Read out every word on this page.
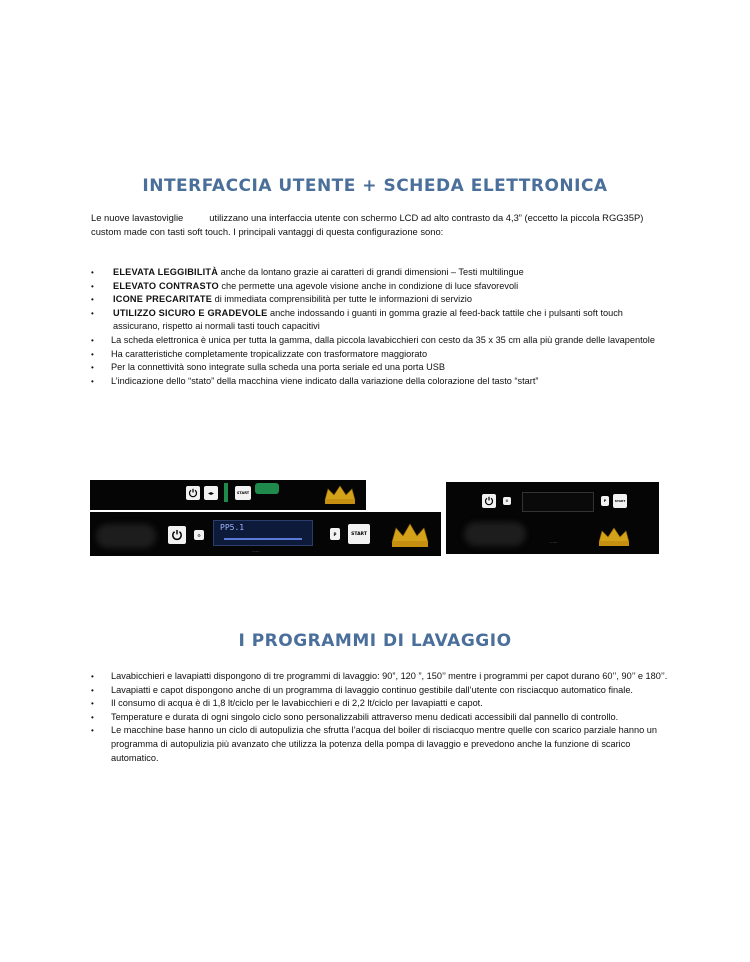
INTERFACCIA UTENTE + SCHEDA ELETTRONICA
Le nuove lavastoviglie	utilizzano una interfaccia utente con schermo LCD ad alto contrasto da 4,3” (eccetto la piccola RGG35P) custom made con tasti soft touch. I principali vantaggi di questa configurazione sono:
• ELEVATA LEGGIBILITÀ anche da lontano grazie ai caratteri di grandi dimensioni – Testi multilingue
• ELEVATO CONTRASTO che permette una agevole visione anche in condizione di luce sfavorevoli
• ICONE PRECARITATE di immediata comprensibilità per tutte le informazioni di servizio
• UTILIZZO SICURO E GRADEVOLE anche indossando i guanti in gomma grazie al feed-back tattile che i pulsanti soft touch assicurano, rispetto ai normali tasti touch capacitivi
• La scheda elettronica è unica per tutta la gamma, dalla piccola lavabicchieri con cesto da 35 x 35 cm alla più grande delle lavapentole
• Ha caratteristiche completamente tropicalizzate con trasformatore maggiorato
• Per la connettività sono integrate sulla scheda una porta seriale ed una porta USB
• L’indicazione dello “stato” della macchina viene indicato dalla variazione della colorazione del tasto “start”
◂▸	START
⚙
PP5.1
······
P	START
⚙
······
P	START
I PROGRAMMI DI LAVAGGIO
• Lavabicchieri e lavapiatti dispongono di tre programmi di lavaggio: 90”, 120 ”, 150’’ mentre i programmi per capot durano 60’’, 90’’ e 180’’.
• Lavapiatti e capot dispongono anche di un programma di lavaggio continuo gestibile dall’utente con risciacquo automatico finale.
• Il consumo di acqua è di 1,8 lt/ciclo per le lavabicchieri e di 2,2 lt/ciclo per lavapiatti e capot.
• Temperature e durata di ogni singolo ciclo sono personalizzabili attraverso menu dedicati accessibili dal pannello di controllo.
• Le macchine base hanno un ciclo di autopulizia che sfrutta l’acqua del boiler di risciacquo mentre quelle con scarico parziale hanno un programma di autopulizia più avanzato che utilizza la potenza della pompa di lavaggio e prevedono anche la funzione di scarico automatico.
